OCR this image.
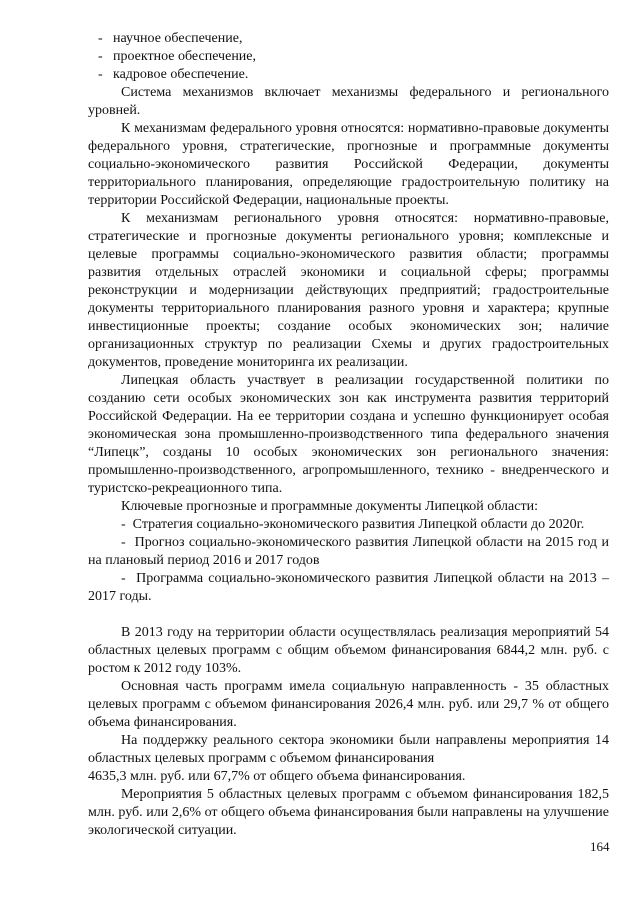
- научное обеспечение,
- проектное обеспечение,
- кадровое обеспечение.

Система механизмов включает механизмы федерального и регионального уровней.

К механизмам федерального уровня относятся: нормативно-правовые документы федерального уровня, стратегические, прогнозные и программные документы социально-экономического развития Российской Федерации, документы территориального планирования, определяющие градостроительную политику на территории Российской Федерации, национальные проекты.

К механизмам регионального уровня относятся: нормативно-правовые, стратегические и прогнозные документы регионального уровня; комплексные и целевые программы социально-экономического развития области; программы развития отдельных отраслей экономики и социальной сферы; программы реконструкции и модернизации действующих предприятий; градостроительные документы территориального планирования разного уровня и характера; крупные инвестиционные проекты; создание особых экономических зон; наличие организационных структур по реализации Схемы и других градостроительных документов, проведение мониторинга их реализации.

Липецкая область участвует в реализации государственной политики по созданию сети особых экономических зон как инструмента развития территорий Российской Федерации. На ее территории создана и успешно функционирует особая экономическая зона промышленно-производственного типа федерального значения “Липецк”, созданы 10 особых экономических зон регионального значения: промышленно-производственного, агропромышленного, технико - внедренческого и туристско-рекреационного типа.

Ключевые прогнозные и программные документы Липецкой области:

-  Стратегия социально-экономического развития Липецкой области до 2020г.

-  Прогноз социально-экономического развития Липецкой области на 2015 год и на плановый период 2016 и 2017 годов

-  Программа социально-экономического развития Липецкой области на 2013 – 2017 годы.

В 2013 году на территории области осуществлялась реализация мероприятий 54 областных целевых программ с общим объемом финансирования 6844,2 млн. руб. с ростом к 2012 году 103%.

Основная часть программ имела социальную направленность - 35 областных целевых программ с объемом финансирования 2026,4 млн. руб. или 29,7 % от общего объема финансирования.

На поддержку реального сектора экономики были направлены мероприятия 14 областных целевых программ с объемом финансирования

4635,3 млн. руб. или 67,7% от общего объема финансирования.

Мероприятия 5 областных целевых программ с объемом финансирования 182,5 млн. руб. или 2,6% от общего объема финансирования были направлены на улучшение экологической ситуации.

164
